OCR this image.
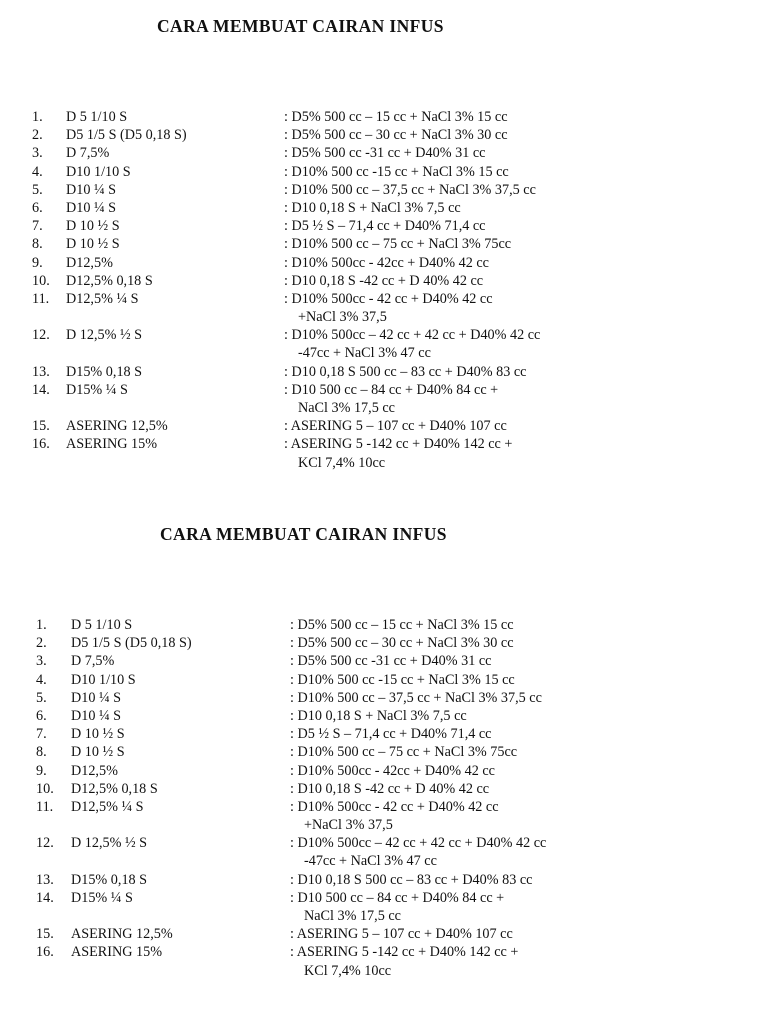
CARA MEMBUAT CAIRAN INFUS
1. D 5 1/10 S	: D5% 500 cc – 15 cc + NaCl 3% 15 cc
2. D5 1/5 S (D5 0,18 S)	: D5% 500 cc – 30 cc + NaCl 3% 30 cc
3. D 7,5%	: D5% 500 cc -31 cc + D40% 31 cc
4. D10 1/10 S	: D10% 500 cc -15 cc + NaCl 3% 15 cc
5. D10 ¼ S	: D10% 500 cc – 37,5 cc + NaCl 3% 37,5 cc
6. D10 ¼ S	: D10 0,18 S + NaCl 3% 7,5 cc
7. D 10 ½ S	: D5 ½ S – 71,4 cc + D40% 71,4 cc
8. D 10 ½ S	: D10% 500 cc – 75 cc + NaCl 3% 75cc
9. D12,5%	: D10% 500cc - 42cc + D40% 42 cc
10. D12,5% 0,18 S	: D10 0,18 S -42 cc + D 40% 42 cc
11. D12,5% ¼ S	: D10% 500cc - 42 cc + D40% 42 cc
+NaCl 3% 37,5
12. D 12,5% ½ S	: D10% 500cc – 42 cc + 42 cc + D40% 42 cc
-47cc + NaCl 3% 47 cc
13. D15% 0,18 S	: D10 0,18 S 500 cc – 83 cc + D40% 83 cc
14. D15% ¼ S	: D10 500 cc – 84 cc + D40% 84 cc +
NaCl 3% 17,5 cc
15. ASERING 12,5%	: ASERING 5 – 107 cc + D40% 107 cc
16. ASERING 15%	: ASERING 5 -142 cc + D40% 142 cc +
KCl 7,4% 10cc
CARA MEMBUAT CAIRAN INFUS
1. D 5 1/10 S	: D5% 500 cc – 15 cc + NaCl 3% 15 cc
2. D5 1/5 S (D5 0,18 S)	: D5% 500 cc – 30 cc + NaCl 3% 30 cc
3. D 7,5%	: D5% 500 cc -31 cc + D40% 31 cc
4. D10 1/10 S	: D10% 500 cc -15 cc + NaCl 3% 15 cc
5. D10 ¼ S	: D10% 500 cc – 37,5 cc + NaCl 3% 37,5 cc
6. D10 ¼ S	: D10 0,18 S + NaCl 3% 7,5 cc
7. D 10 ½ S	: D5 ½ S – 71,4 cc + D40% 71,4 cc
8. D 10 ½ S	: D10% 500 cc – 75 cc + NaCl 3% 75cc
9. D12,5%	: D10% 500cc - 42cc + D40% 42 cc
10. D12,5% 0,18 S	: D10 0,18 S -42 cc + D 40% 42 cc
11. D12,5% ¼ S	: D10% 500cc - 42 cc + D40% 42 cc
+NaCl 3% 37,5
12. D 12,5% ½ S	: D10% 500cc – 42 cc + 42 cc + D40% 42 cc
-47cc + NaCl 3% 47 cc
13. D15% 0,18 S	: D10 0,18 S 500 cc – 83 cc + D40% 83 cc
14. D15% ¼ S	: D10 500 cc – 84 cc + D40% 84 cc +
NaCl 3% 17,5 cc
15. ASERING 12,5%	: ASERING 5 – 107 cc + D40% 107 cc
16. ASERING 15%	: ASERING 5 -142 cc + D40% 142 cc +
KCl 7,4% 10cc
